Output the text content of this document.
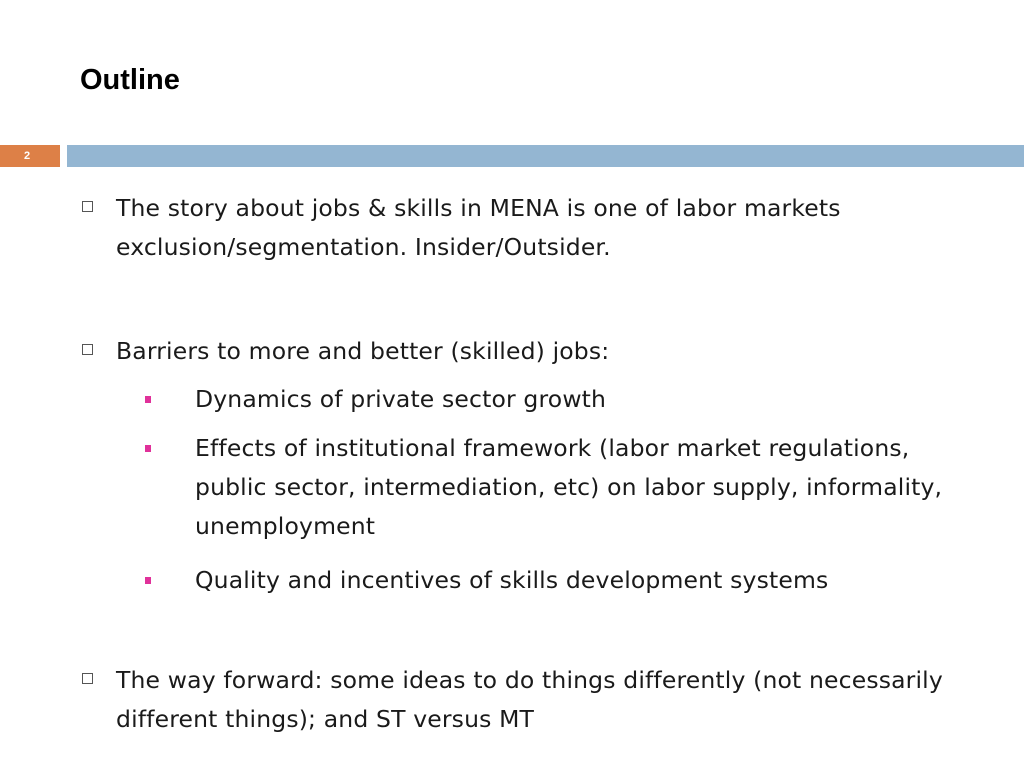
Outline
2
The story about jobs & skills in MENA is one of labor markets exclusion/segmentation. Insider/Outsider.
Barriers to more and better (skilled) jobs:
Dynamics of private sector growth
Effects of institutional framework (labor market regulations, public sector, intermediation, etc) on labor supply, informality, unemployment
Quality and incentives of skills development systems
The way forward: some ideas to do things differently (not necessarily different things); and ST versus MT
